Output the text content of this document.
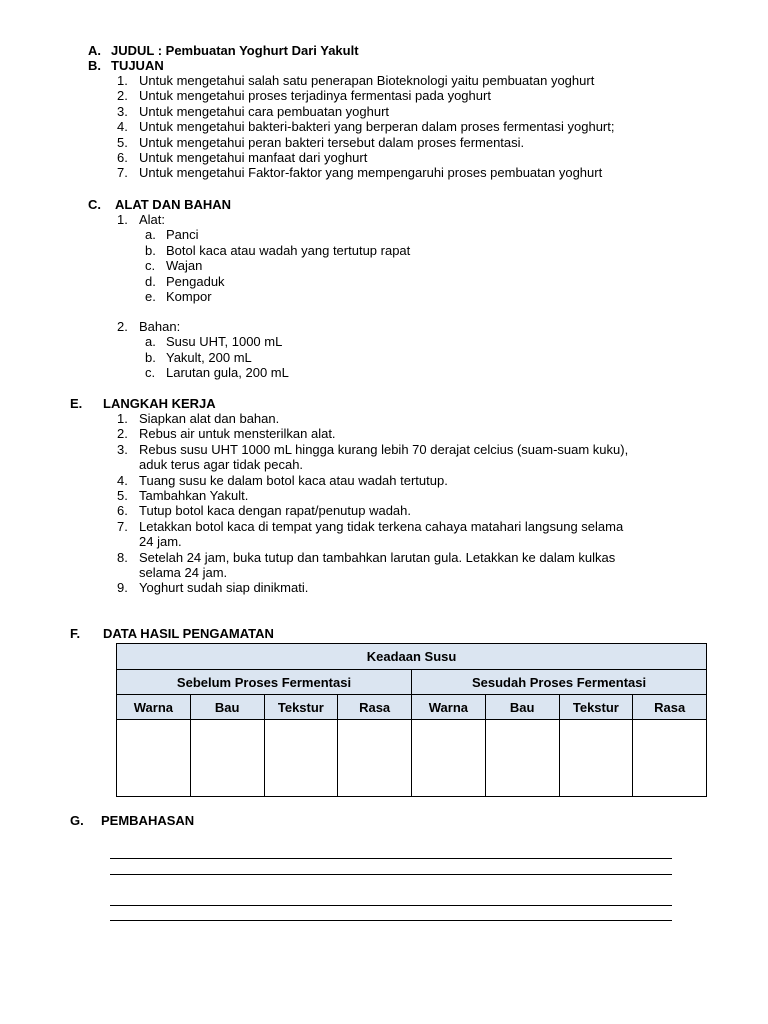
A. JUDUL : Pembuatan Yoghurt Dari Yakult
B. TUJUAN
1. Untuk mengetahui salah satu penerapan Bioteknologi yaitu pembuatan yoghurt
2. Untuk mengetahui proses terjadinya fermentasi pada yoghurt
3. Untuk mengetahui cara pembuatan yoghurt
4. Untuk mengetahui bakteri-bakteri yang berperan dalam proses fermentasi yoghurt;
5. Untuk mengetahui peran bakteri tersebut dalam proses fermentasi.
6. Untuk mengetahui manfaat dari yoghurt
7. Untuk mengetahui Faktor-faktor yang mempengaruhi proses pembuatan yoghurt
C. ALAT DAN BAHAN
1. Alat:
a. Panci
b. Botol kaca atau wadah yang tertutup rapat
c. Wajan
d. Pengaduk
e. Kompor
2. Bahan:
a. Susu UHT, 1000 mL
b. Yakult, 200 mL
c. Larutan gula, 200 mL
E. LANGKAH KERJA
1. Siapkan alat dan bahan.
2. Rebus air untuk mensterilkan alat.
3. Rebus susu UHT 1000 mL hingga kurang lebih 70 derajat celcius (suam-suam kuku),
aduk terus agar tidak pecah.
4. Tuang susu ke dalam botol kaca atau wadah tertutup.
5. Tambahkan Yakult.
6. Tutup botol kaca dengan rapat/penutup wadah.
7. Letakkan botol kaca di tempat yang tidak terkena cahaya matahari langsung selama
24 jam.
8. Setelah 24 jam, buka tutup dan tambahkan larutan gula. Letakkan ke dalam kulkas
selama 24 jam.
9. Yoghurt sudah siap dinikmati.
F. DATA HASIL PENGAMATAN
Keadaan Susu							
Sebelum Proses Fermentasi				Sesudah Proses Fermentasi			
Warna	Bau	Tekstur	Rasa	Warna	Bau	Tekstur	Rasa

G. PEMBAHASAN
